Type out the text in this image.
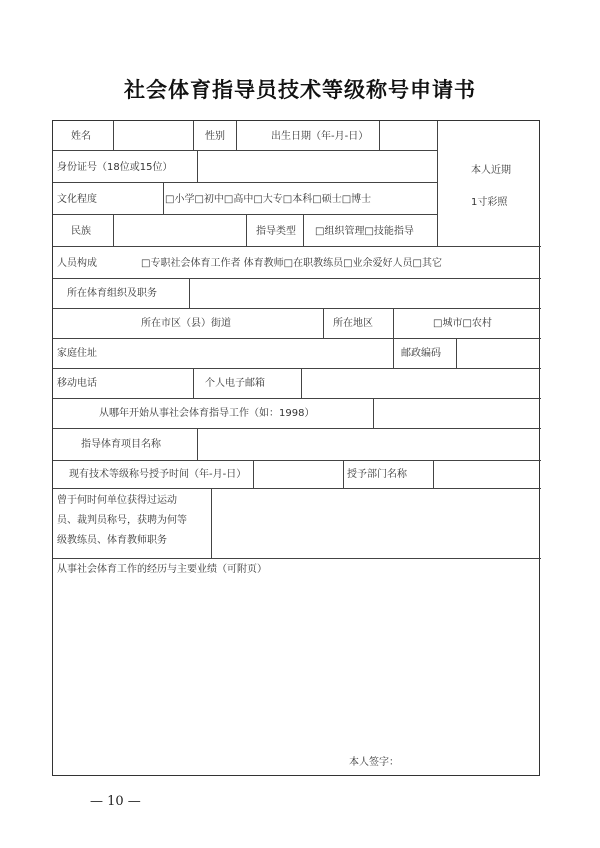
社会体育指导员技术等级称号申请书
姓名	性别	出生日期（年-月-日）
本人近期
1寸彩照
身份证号（18位或15位）
文化程度	□小学□初中□高中□大专□本科□硕士□博士
民族	指导类型 □组织管理□技能指导
人员构成	□专职社会体育工作者 体育教师□在职教练员□业余爱好人员□其它
所在体育组织及职务
所在市区（县）街道	所在地区	□城市□农村
家庭住址	邮政编码
移动电话	个人电子邮箱
从哪年开始从事社会体育指导工作（如：1998）
指导体育项目名称
现有技术等级称号授予时间（年-月-日）	授予部门名称
曾于何时何单位获得过运动
员、裁判员称号，获聘为何等
级教练员、体育教师职务
从事社会体育工作的经历与主要业绩（可附页）
本人签字：
— 10 —
